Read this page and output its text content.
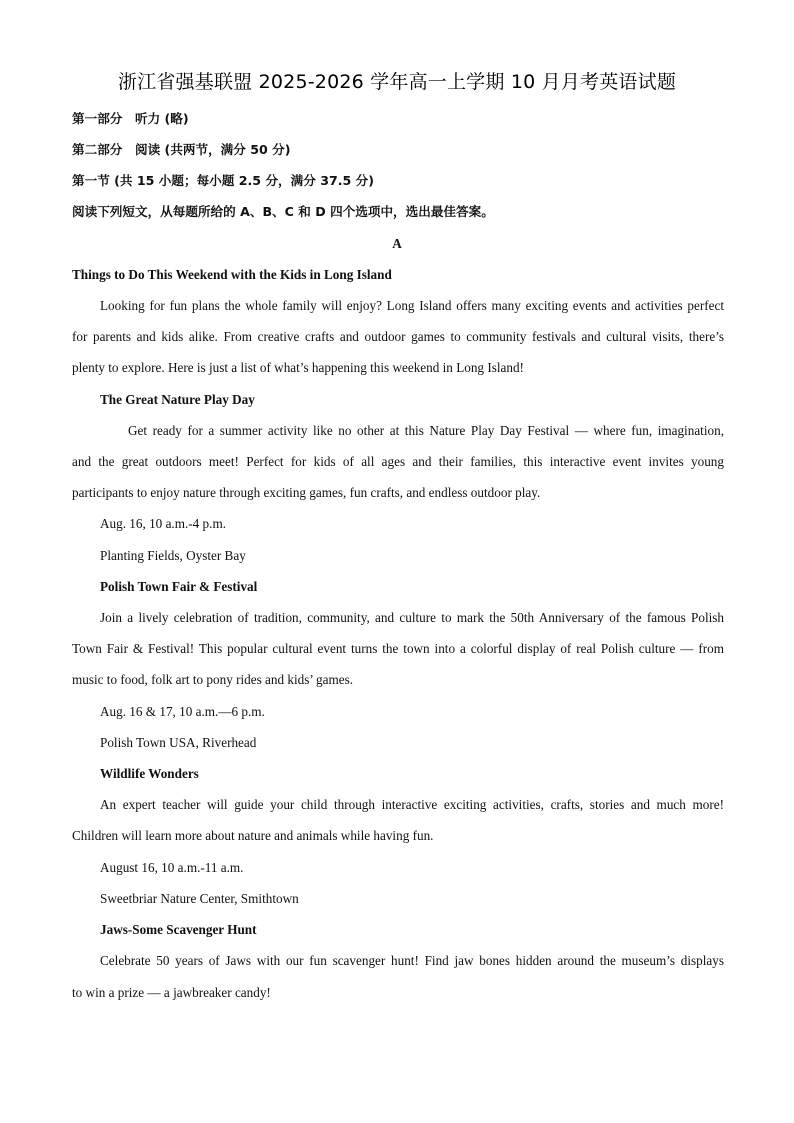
浙江省强基联盟 2025-2026 学年高一上学期 10 月月考英语试题
第一部分　听力 (略)
第二部分　阅读 (共两节，满分 50 分)
第一节 (共 15 小题；每小题 2.5 分，满分 37.5 分)
阅读下列短文，从每题所给的 A、B、C 和 D 四个选项中，选出最佳答案。
A
Things to Do This Weekend with the Kids in Long Island
Looking for fun plans the whole family will enjoy? Long Island offers many exciting events and activities perfect
for parents and kids alike. From creative crafts and outdoor games to community festivals and cultural visits, there’s
plenty to explore. Here is just a list of what’s happening this weekend in Long Island!
The Great Nature Play Day
Get ready for a summer activity like no other at this Nature Play Day Festival — where fun, imagination,
and the great outdoors meet! Perfect for kids of all ages and their families, this interactive event invites young
participants to enjoy nature through exciting games, fun crafts, and endless outdoor play.
Aug. 16, 10 a.m.-4 p.m.
Planting Fields, Oyster Bay
Polish Town Fair & Festival
Join a lively celebration of tradition, community, and culture to mark the 50th Anniversary of the famous Polish
Town Fair & Festival! This popular cultural event turns the town into a colorful display of real Polish culture — from
music to food, folk art to pony rides and kids’ games.
Aug. 16 & 17, 10 a.m.—6 p.m.
Polish Town USA, Riverhead
Wildlife Wonders
An expert teacher will guide your child through interactive exciting activities, crafts, stories and much more!
Children will learn more about nature and animals while having fun.
August 16, 10 a.m.-11 a.m.
Sweetbriar Nature Center, Smithtown
Jaws-Some Scavenger Hunt
Celebrate 50 years of Jaws with our fun scavenger hunt! Find jaw bones hidden around the museum’s displays
to win a prize — a jawbreaker candy!
